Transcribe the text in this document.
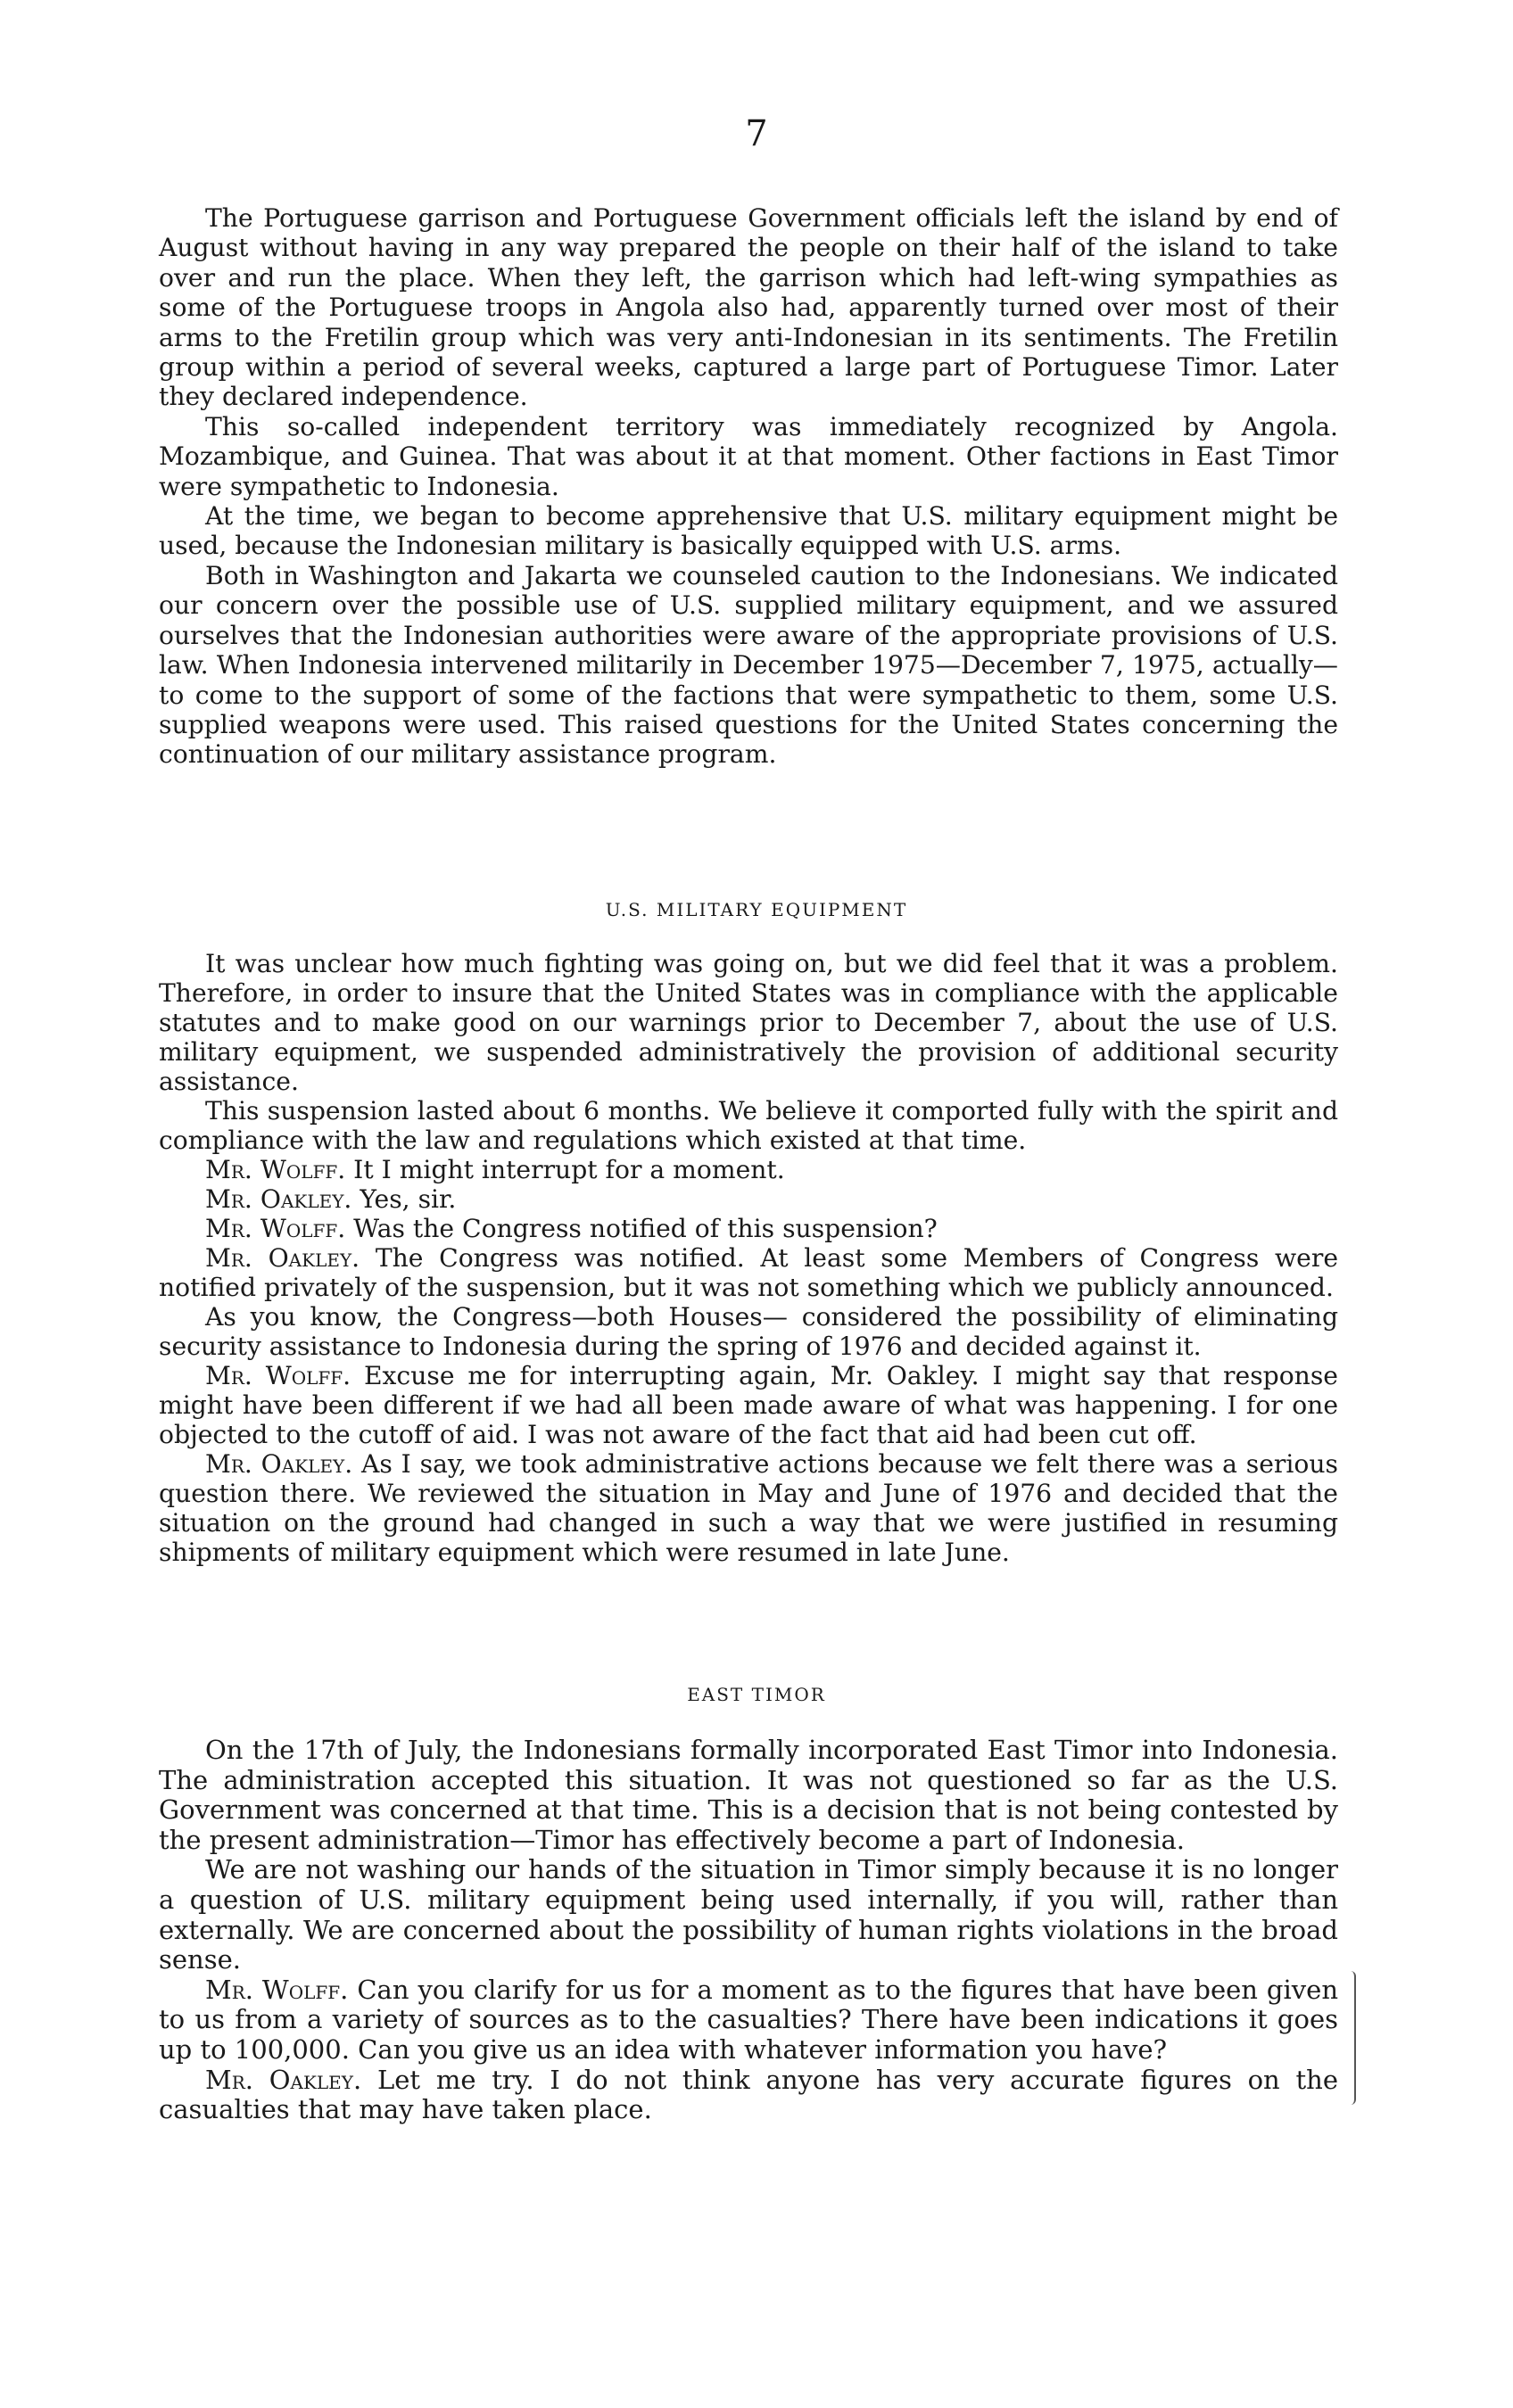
7

The Portuguese garrison and Portuguese Government officials left the island by end of August without having in any way prepared the people on their half of the island to take over and run the place. When they left, the garrison which had left-wing sympathies as some of the Portuguese troops in Angola also had, apparently turned over most of their arms to the Fretilin group which was very anti-Indonesian in its sentiments. The Fretilin group within a period of several weeks, captured a large part of Portuguese Timor. Later they declared independence.

This so-called independent territory was immediately recognized by Angola. Mozambique, and Guinea. That was about it at that moment. Other factions in East Timor were sympathetic to Indonesia.

At the time, we began to become apprehensive that U.S. military equipment might be used, because the Indonesian military is basically equipped with U.S. arms.

Both in Washington and Jakarta we counseled caution to the Indonesians. We indicated our concern over the possible use of U.S. supplied military equipment, and we assured ourselves that the Indonesian authorities were aware of the appropriate provisions of U.S. law. When Indonesia intervened militarily in December 1975—December 7, 1975, actually—to come to the support of some of the factions that were sympathetic to them, some U.S. supplied weapons were used. This raised questions for the United States concerning the continuation of our military assistance program.

U.S. MILITARY EQUIPMENT

It was unclear how much fighting was going on, but we did feel that it was a problem. Therefore, in order to insure that the United States was in compliance with the applicable statutes and to make good on our warnings prior to December 7, about the use of U.S. military equipment, we suspended administratively the provision of additional security assistance.

This suspension lasted about 6 months. We believe it comported fully with the spirit and compliance with the law and regulations which existed at that time.

Mr. Wolff. It I might interrupt for a moment.

Mr. Oakley. Yes, sir.

Mr. Wolff. Was the Congress notified of this suspension?

Mr. Oakley. The Congress was notified. At least some Members of Congress were notified privately of the suspension, but it was not something which we publicly announced.

As you know, the Congress—both Houses— considered the possibility of eliminating security assistance to Indonesia during the spring of 1976 and decided against it.

Mr. Wolff. Excuse me for interrupting again, Mr. Oakley. I might say that response might have been different if we had all been made aware of what was happening. I for one objected to the cutoff of aid. I was not aware of the fact that aid had been cut off.

Mr. Oakley. As I say, we took administrative actions because we felt there was a serious question there. We reviewed the situation in May and June of 1976 and decided that the situation on the ground had changed in such a way that we were justified in resuming shipments of military equipment which were resumed in late June.

EAST TIMOR

On the 17th of July, the Indonesians formally incorporated East Timor into Indonesia. The administration accepted this situation. It was not questioned so far as the U.S. Government was concerned at that time. This is a decision that is not being contested by the present administration—Timor has effectively become a part of Indonesia.

We are not washing our hands of the situation in Timor simply because it is no longer a question of U.S. military equipment being used internally, if you will, rather than externally. We are concerned about the possibility of human rights violations in the broad sense.

Mr. Wolff. Can you clarify for us for a moment as to the figures that have been given to us from a variety of sources as to the casualties? There have been indications it goes up to 100,000. Can you give us an idea with whatever information you have?

Mr. Oakley. Let me try. I do not think anyone has very accurate figures on the casualties that may have taken place.
